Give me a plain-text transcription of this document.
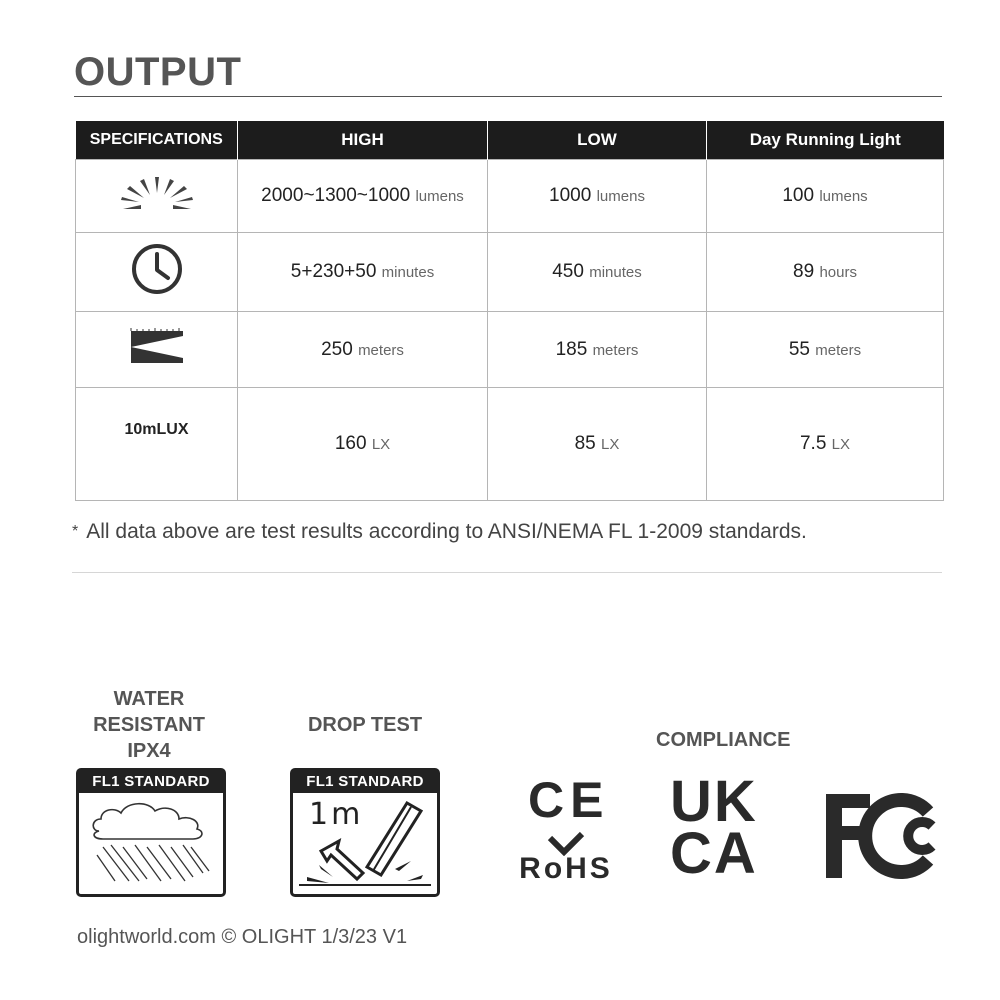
OUTPUT
SPECIFICATIONS	HIGH	LOW	Day Running Light
	2000~1300~1000 lumens	1000 lumens	100 lumens
	5+230+50 minutes	450 minutes	89 hours
	250 meters	185 meters	55 meters
10mLUX	160 LX	85 LX	7.5 LX
* All data above are test results according to ANSI/NEMA FL 1-2009 standards.
WATER
RESISTANT
IPX4
FL1 STANDARD
DROP TEST
FL1 STANDARD
1m
COMPLIANCE
CE
RoHS
UK
CA
olightworld.com © OLIGHT 1/3/23 V1
